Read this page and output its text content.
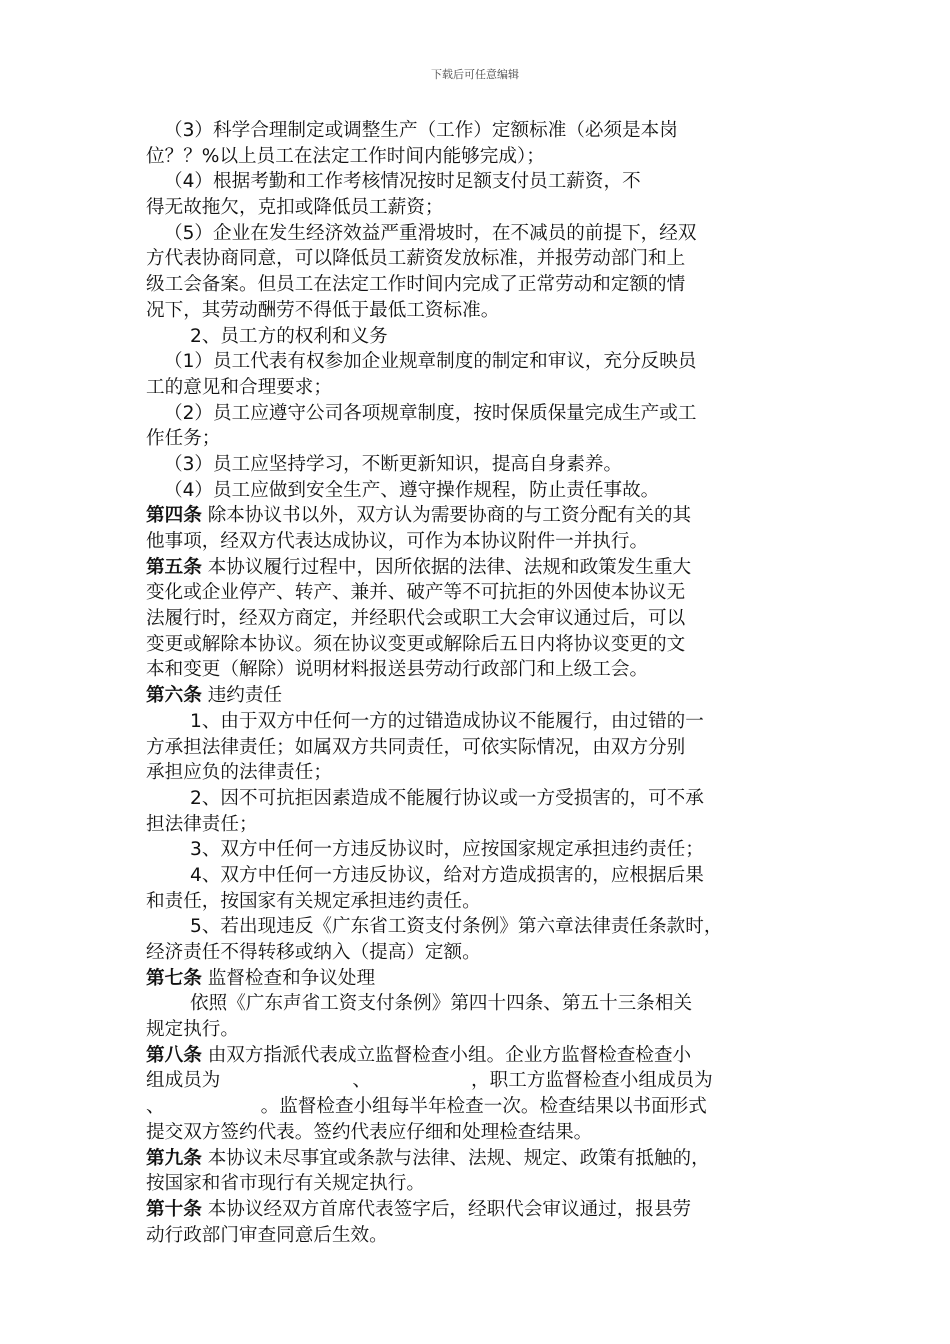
下载后可任意编辑
（3）科学合理制定或调整生产（工作）定额标准（必须是本岗
位？？%以上员工在法定工作时间内能够完成）；
（4）根据考勤和工作考核情况按时足额支付员工薪资，不
得无故拖欠，克扣或降低员工薪资；
（5）企业在发生经济效益严重滑坡时，在不减员的前提下，经双
方代表协商同意，可以降低员工薪资发放标准，并报劳动部门和上
级工会备案。但员工在法定工作时间内完成了正常劳动和定额的情
况下，其劳动酬劳不得低于最低工资标准。
2、员工方的权利和义务
（1）员工代表有权参加企业规章制度的制定和审议，充分反映员
工的意见和合理要求；
（2）员工应遵守公司各项规章制度，按时保质保量完成生产或工
作任务；
（3）员工应坚持学习，不断更新知识，提高自身素养。
（4）员工应做到安全生产、遵守操作规程，防止责任事故。
第四条 除本协议书以外，双方认为需要协商的与工资分配有关的其
他事项，经双方代表达成协议，可作为本协议附件一并执行。
第五条 本协议履行过程中，因所依据的法律、法规和政策发生重大
变化或企业停产、转产、兼并、破产等不可抗拒的外因使本协议无
法履行时，经双方商定，并经职代会或职工大会审议通过后，可以
变更或解除本协议。须在协议变更或解除后五日内将协议变更的文
本和变更（解除）说明材料报送县劳动行政部门和上级工会。
第六条 违约责任
1、由于双方中任何一方的过错造成协议不能履行，由过错的一
方承担法律责任；如属双方共同责任，可依实际情况，由双方分别
承担应负的法律责任；
2、因不可抗拒因素造成不能履行协议或一方受损害的，可不承
担法律责任；
3、双方中任何一方违反协议时，应按国家规定承担违约责任；
4、双方中任何一方违反协议，给对方造成损害的，应根据后果
和责任，按国家有关规定承担违约责任。
5、若出现违反《广东省工资支付条例》第六章法律责任条款时，
经济责任不得转移或纳入（提高）定额。
第七条 监督检查和争议处理
依照《广东声省工资支付条例》第四十四条、第五十三条相关
规定执行。
第八条 由双方指派代表成立监督检查小组。企业方监督检查检查小
组成员为	、	，职工方监督检查小组成员为
、	。监督检查小组每半年检查一次。检查结果以书面形式
提交双方签约代表。签约代表应仔细和处理检查结果。
第九条 本协议未尽事宜或条款与法律、法规、规定、政策有抵触的，
按国家和省市现行有关规定执行。
第十条 本协议经双方首席代表签字后，经职代会审议通过，报县劳
动行政部门审查同意后生效。
